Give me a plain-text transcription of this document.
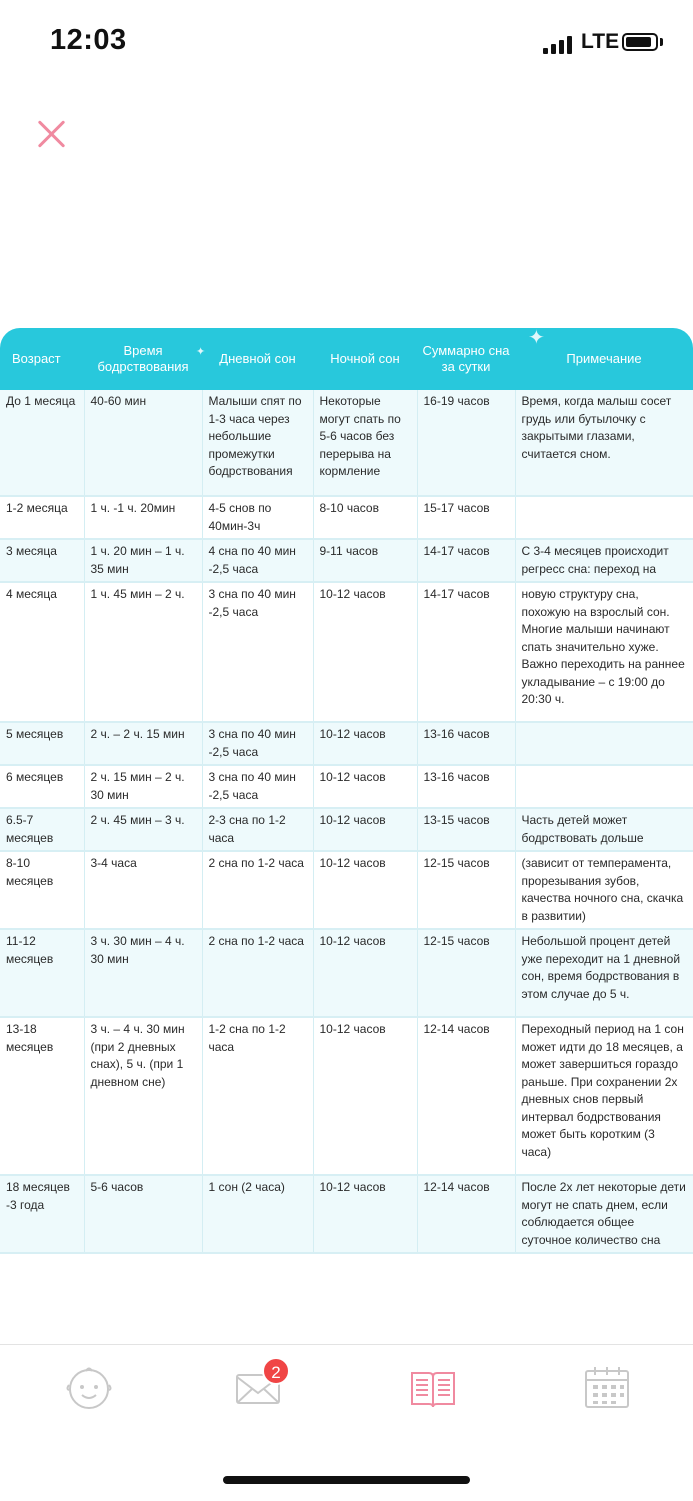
12:03	LTE
Возраст	Время бодрствования	Дневной сон	Ночной сон	Суммарно сна за сутки	Примечание
До 1 месяца	40-60 мин	Малыши спят по 1-3 часа через небольшие промежутки бодрствования	Некоторые могут спать по 5-6 часов без перерыва на кормление	16-19 часов	Время, когда малыш сосет грудь или бутылочку с закрытыми глазами, считается сном.
1-2 месяца	1 ч. -1 ч. 20мин	4-5 снов по 40мин-3ч	8-10 часов	15-17 часов	
3 месяца	1 ч. 20 мин – 1 ч. 35 мин	4 сна по 40 мин -2,5 часа	9-11 часов	14-17 часов	С 3-4 месяцев происходит регресс сна: переход на
4 месяца	1 ч. 45 мин – 2 ч.	3 сна по 40 мин -2,5 часа	10-12 часов	14-17 часов	новую структуру сна, похожую на взрослый сон. Многие малыши начинают спать значительно хуже. Важно переходить на раннее укладывание – с 19:00 до 20:30 ч.
5 месяцев	2 ч. – 2 ч. 15 мин	3 сна по 40 мин -2,5 часа	10-12 часов	13-16 часов	
6 месяцев	2 ч. 15 мин – 2 ч. 30 мин	3 сна по 40 мин -2,5 часа	10-12 часов	13-16 часов	
6.5-7 месяцев	2 ч. 45 мин – 3 ч.	2-3 сна по 1-2 часа	10-12 часов	13-15 часов	Часть детей может бодрствовать дольше
8-10 месяцев	3-4 часа	2 сна по 1-2 часа	10-12 часов	12-15 часов	(зависит от темперамента, прорезывания зубов, качества ночного сна, скачка в развитии)
11-12 месяцев	3 ч. 30 мин – 4 ч. 30 мин	2 сна по 1-2 часа	10-12 часов	12-15 часов	Небольшой процент детей уже переходит на 1 дневной сон, время бодрствования в этом случае до 5 ч.
13-18 месяцев	3 ч. – 4 ч. 30 мин (при 2 дневных снах), 5 ч. (при 1 дневном сне)	1-2 сна по 1-2 часа	10-12 часов	12-14 часов	Переходный период на 1 сон может идти до 18 месяцев, а может завершиться гораздо раньше. При сохранении 2х дневных снов первый интервал бодрствования может быть коротким (3 часа)
18 месяцев -3 года	5-6 часов	1 сон (2 часа)	10-12 часов	12-14 часов	После 2х лет некоторые дети могут не спать днем, если соблюдается общее суточное количество сна
✦
✦
2
